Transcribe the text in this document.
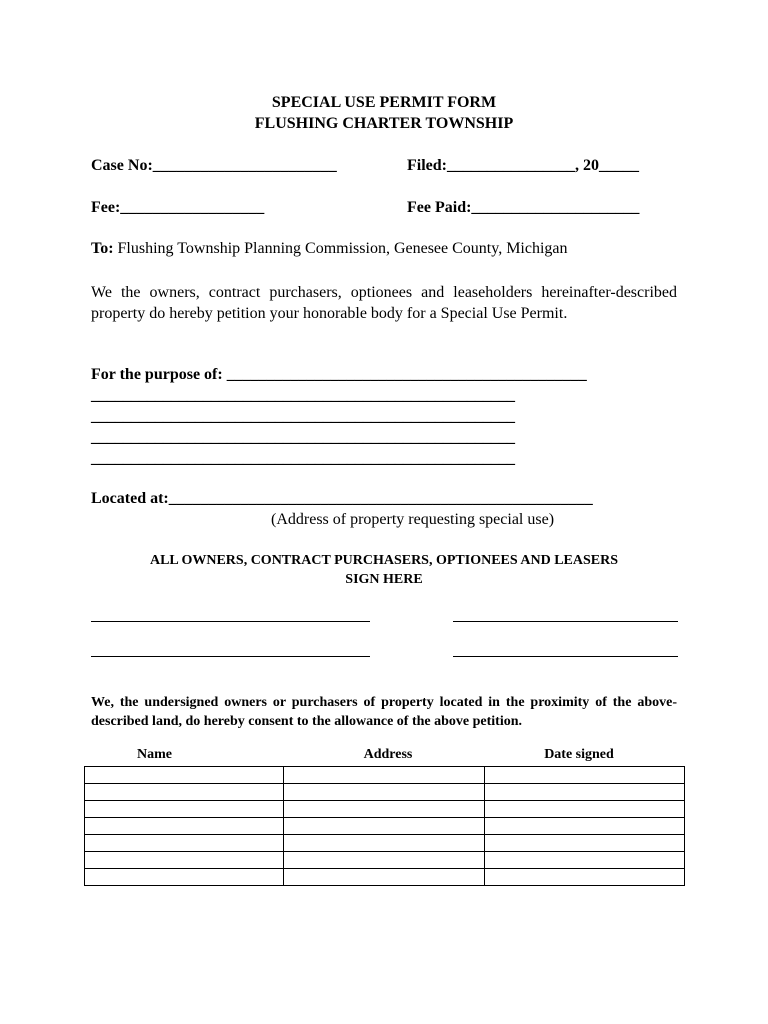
SPECIAL USE PERMIT FORM
FLUSHING CHARTER TOWNSHIP
Case No:_______________________	Filed:________________, 20_____
Fee:__________________	Fee Paid:_____________________
To: Flushing Township Planning Commission, Genesee County, Michigan
We the owners, contract purchasers, optionees and leaseholders hereinafter-described property do hereby petition your honorable body for a Special Use Permit.
For the purpose of: _____________________________________________
_____________________________________________________
_____________________________________________________
_____________________________________________________
_____________________________________________________
Located at:_____________________________________________________
(Address of property requesting special use)
ALL OWNERS, CONTRACT PURCHASERS, OPTIONEES AND LEASERS
SIGN HERE
We, the undersigned owners or purchasers of property located in the proximity of the above-described land, do hereby consent to the allowance of the above petition.
Name	Address	Date signed
